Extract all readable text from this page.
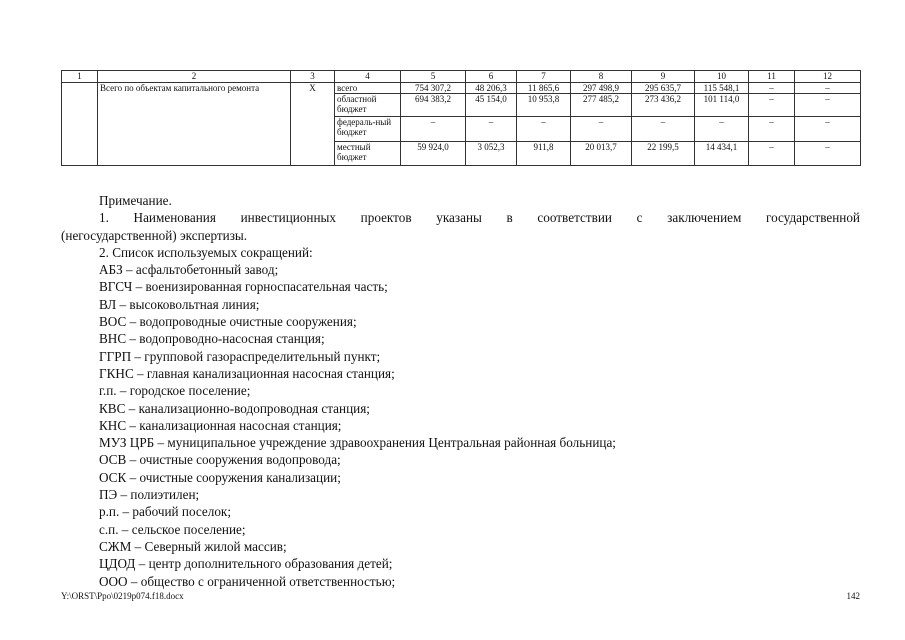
1	2	3	4	5	6	7	8	9	10	11	12
	Всего по объектам капитального ремонта	Х	всего	754 307,2	48 206,3	11 865,6	297 498,9	295 635,7	115 548,1	–	–
			областной бюджет	694 383,2	45 154,0	10 953,8	277 485,2	273 436,2	101 114,0	–	–
			федераль-ный бюджет	–	–	–	–	–	–	–	–
			местный бюджет	59 924,0	3 052,3	911,8	20 013,7	22 199,5	14 434,1	–	–

Примечание.

1. Наименования инвестиционных проектов указаны в соответствии с заключением государственной

(негосударственной) экспертизы.

2. Список используемых сокращений:

АБЗ – асфальтобетонный завод;

ВГСЧ – военизированная горноспасательная часть;

ВЛ – высоковольтная линия;

ВОС – водопроводные очистные сооружения;

ВНС – водопроводно-насосная станция;

ГГРП – групповой газораспределительный пункт;

ГКНС – главная канализационная насосная станция;

г.п. – городское поселение;

КВС – канализационно-водопроводная станция;

КНС – канализационная насосная станция;

МУЗ ЦРБ – муниципальное учреждение здравоохранения Центральная районная больница;

ОСВ – очистные сооружения водопровода;

ОСК – очистные сооружения канализации;

ПЭ – полиэтилен;

р.п. – рабочий поселок;

с.п. – сельское поселение;

СЖМ – Северный жилой массив;

ЦДОД – центр дополнительного образования детей;

ООО – общество с ограниченной ответственностью;

Y:\ORST\Ppo\0219p074.f18.docx	142
